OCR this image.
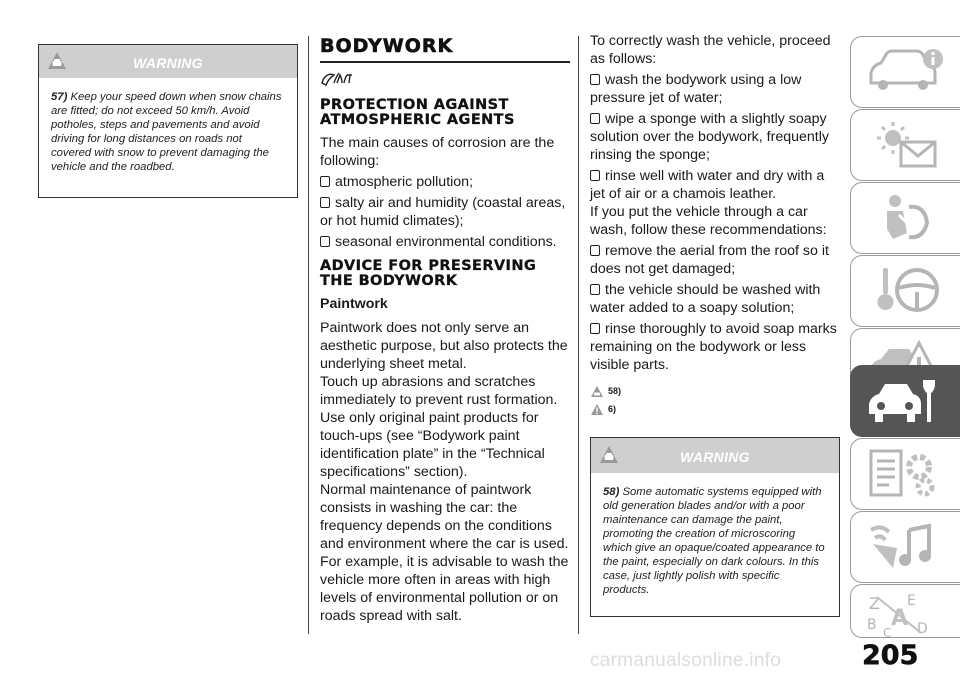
WARNING
57) Keep your speed down when snow chains are fitted; do not exceed 50 km/h. Avoid potholes, steps and pavements and avoid driving for long distances on roads not covered with snow to prevent damaging the vehicle and the roadbed.
BODYWORK
PROTECTION AGAINST ATMOSPHERIC AGENTS

The main causes of corrosion are the following:

atmospheric pollution;
salty air and humidity (coastal areas, or hot humid climates);
seasonal environmental conditions.
ADVICE FOR PRESERVING THE BODYWORK
Paintwork

Paintwork does not only serve an aesthetic purpose, but also protects the underlying sheet metal.

Touch up abrasions and scratches immediately to prevent rust formation.

Use only original paint products for touch-ups (see “Bodywork paint identification plate” in the “Technical specifications” section).

Normal maintenance of paintwork consists in washing the car: the frequency depends on the conditions and environment where the car is used.

For example, it is advisable to wash the vehicle more often in areas with high levels of environmental pollution or on roads spread with salt.

To correctly wash the vehicle, proceed as follows:

wash the bodywork using a low pressure jet of water;
wipe a sponge with a slightly soapy solution over the bodywork, frequently rinsing the sponge;
rinse well with water and dry with a jet of air or a chamois leather.

If you put the vehicle through a car wash, follow these recommendations:

remove the aerial from the roof so it does not get damaged;
the vehicle should be washed with water added to a soapy solution;
rinse thoroughly to avoid soap marks remaining on the bodywork or less visible parts.
58)
6)
WARNING
58) Some automatic systems equipped with old generation blades and/or with a poor maintenance can damage the paint, promoting the creation of microscoring which give an opaque/coated appearance to the paint, especially on dark colours. In this case, just lightly polish with specific products.
Z E
B A
C D
carmanualsonline.info	205
